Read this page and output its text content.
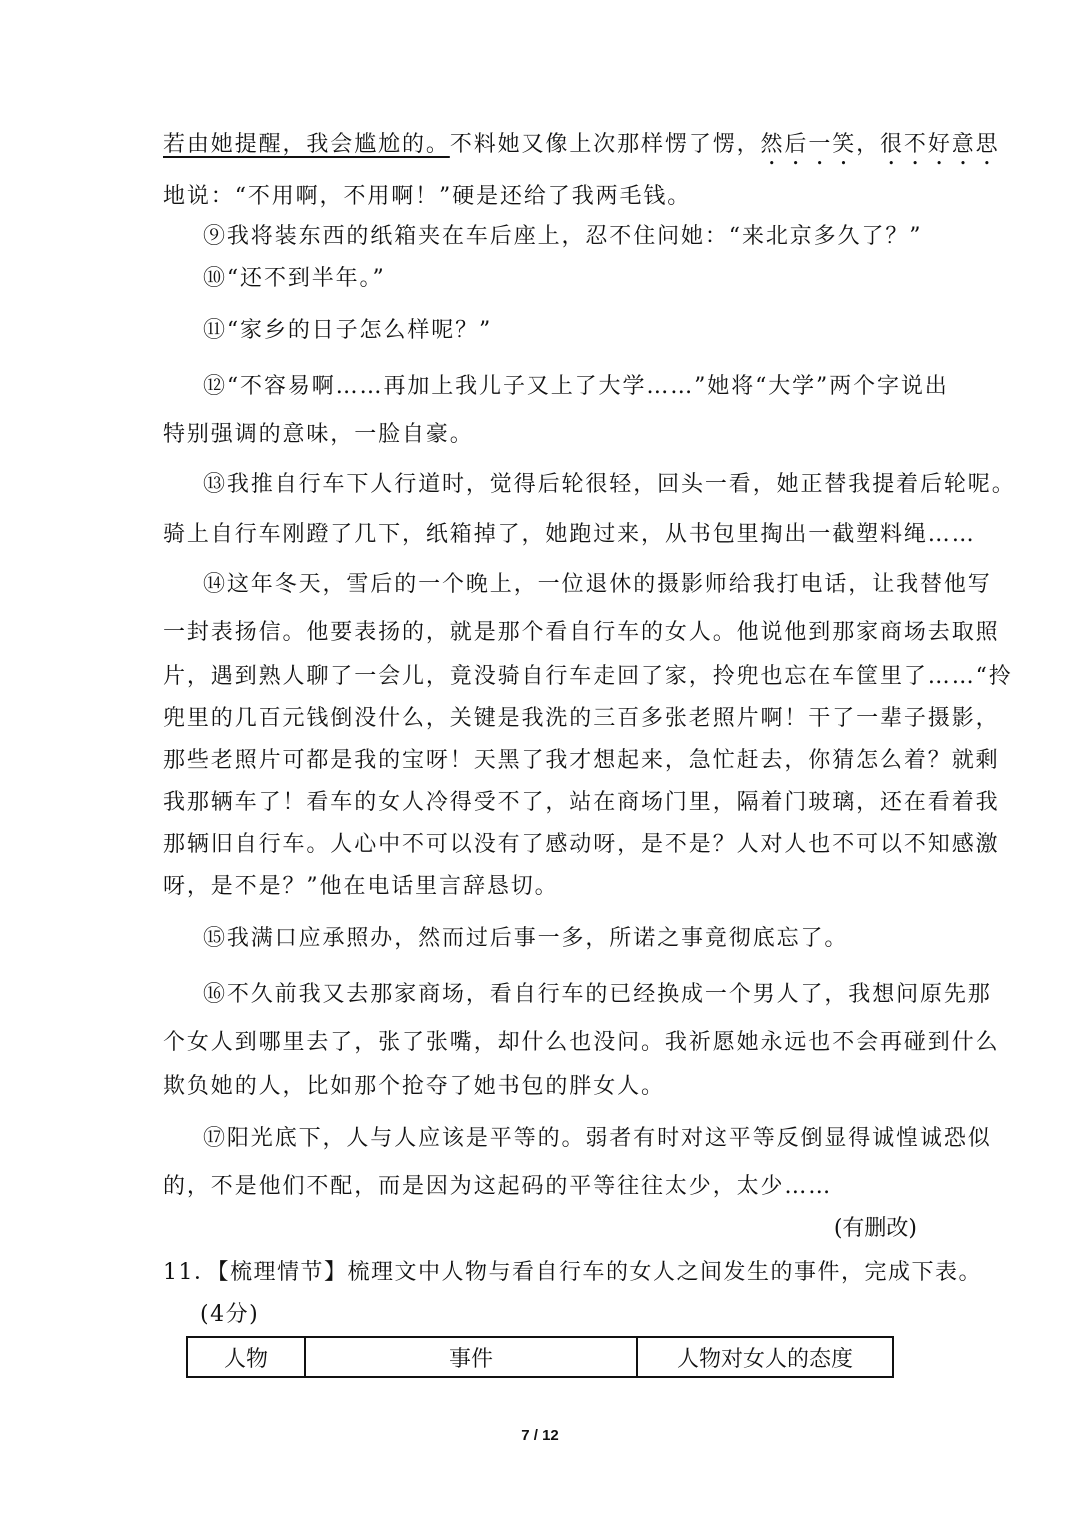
若由她提醒，我会尴尬的。不料她又像上次那样愣了愣，然后一笑，很不好意思
地说：“不用啊，不用啊！”硬是还给了我两毛钱。
⑨我将装东西的纸箱夹在车后座上，忍不住问她：“来北京多久了？”
⑩“还不到半年。”
⑪“家乡的日子怎么样呢？”
⑫“不容易啊……再加上我儿子又上了大学……”她将“大学”两个字说出
特别强调的意味，一脸自豪。
⑬我推自行车下人行道时，觉得后轮很轻，回头一看，她正替我提着后轮呢。
骑上自行车刚蹬了几下，纸箱掉了，她跑过来，从书包里掏出一截塑料绳……
⑭这年冬天，雪后的一个晚上，一位退休的摄影师给我打电话，让我替他写
一封表扬信。他要表扬的，就是那个看自行车的女人。他说他到那家商场去取照
片，遇到熟人聊了一会儿，竟没骑自行车走回了家，拎兜也忘在车筐里了……“拎
兜里的几百元钱倒没什么，关键是我洗的三百多张老照片啊！干了一辈子摄影，
那些老照片可都是我的宝呀！天黑了我才想起来，急忙赶去，你猜怎么着？就剩
我那辆车了！看车的女人冷得受不了，站在商场门里，隔着门玻璃，还在看着我
那辆旧自行车。人心中不可以没有了感动呀，是不是？人对人也不可以不知感激
呀，是不是？”他在电话里言辞恳切。
⑮我满口应承照办，然而过后事一多，所诺之事竟彻底忘了。
⑯不久前我又去那家商场，看自行车的已经换成一个男人了，我想问原先那
个女人到哪里去了，张了张嘴，却什么也没问。我祈愿她永远也不会再碰到什么
欺负她的人，比如那个抢夺了她书包的胖女人。
⑰阳光底下，人与人应该是平等的。弱者有时对这平等反倒显得诚惶诚恐似
的，不是他们不配，而是因为这起码的平等往往太少，太少……
(有删改)
11．【梳理情节】梳理文中人物与看自行车的女人之间发生的事件，完成下表。
(4分)
人物	事件	人物对女人的态度
7 / 12
